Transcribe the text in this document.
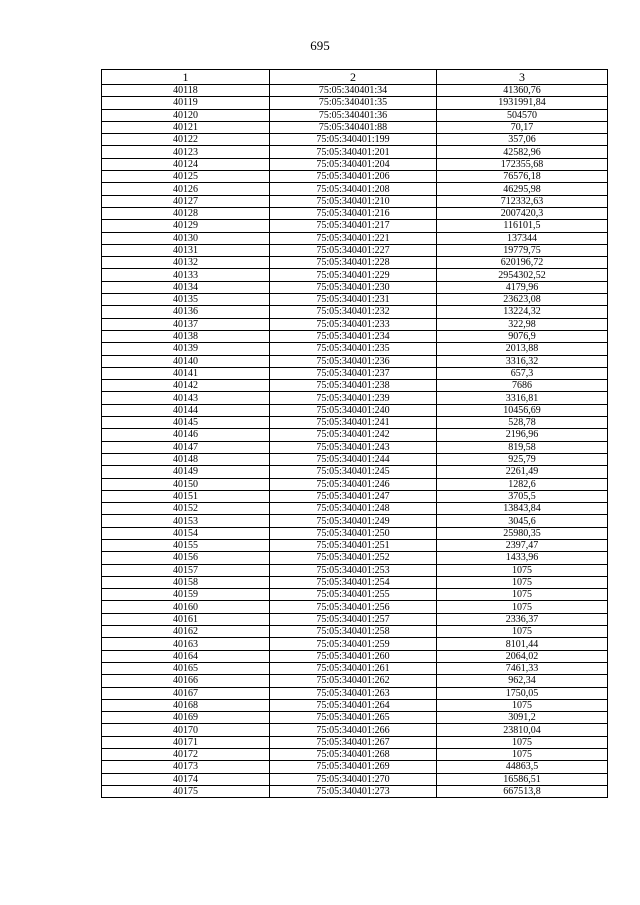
695
1	2	3
40118	75:05:340401:34	41360,76
40119	75:05:340401:35	1931991,84
40120	75:05:340401:36	504570
40121	75:05:340401:88	70,17
40122	75:05:340401:199	357,06
40123	75:05:340401:201	42582,96
40124	75:05:340401:204	172355,68
40125	75:05:340401:206	76576,18
40126	75:05:340401:208	46295,98
40127	75:05:340401:210	712332,63
40128	75:05:340401:216	2007420,3
40129	75:05:340401:217	116101,5
40130	75:05:340401:221	137344
40131	75:05:340401:227	19779,75
40132	75:05:340401:228	620196,72
40133	75:05:340401:229	2954302,52
40134	75:05:340401:230	4179,96
40135	75:05:340401:231	23623,08
40136	75:05:340401:232	13224,32
40137	75:05:340401:233	322,98
40138	75:05:340401:234	9076,9
40139	75:05:340401:235	2013,88
40140	75:05:340401:236	3316,32
40141	75:05:340401:237	657,3
40142	75:05:340401:238	7686
40143	75:05:340401:239	3316,81
40144	75:05:340401:240	10456,69
40145	75:05:340401:241	528,78
40146	75:05:340401:242	2196,96
40147	75:05:340401:243	819,58
40148	75:05:340401:244	925,79
40149	75:05:340401:245	2261,49
40150	75:05:340401:246	1282,6
40151	75:05:340401:247	3705,5
40152	75:05:340401:248	13843,84
40153	75:05:340401:249	3045,6
40154	75:05:340401:250	25980,35
40155	75:05:340401:251	2397,47
40156	75:05:340401:252	1433,96
40157	75:05:340401:253	1075
40158	75:05:340401:254	1075
40159	75:05:340401:255	1075
40160	75:05:340401:256	1075
40161	75:05:340401:257	2336,37
40162	75:05:340401:258	1075
40163	75:05:340401:259	8101,44
40164	75:05:340401:260	2064,02
40165	75:05:340401:261	7461,33
40166	75:05:340401:262	962,34
40167	75:05:340401:263	1750,05
40168	75:05:340401:264	1075
40169	75:05:340401:265	3091,2
40170	75:05:340401:266	23810,04
40171	75:05:340401:267	1075
40172	75:05:340401:268	1075
40173	75:05:340401:269	44863,5
40174	75:05:340401:270	16586,51
40175	75:05:340401:273	667513,8
